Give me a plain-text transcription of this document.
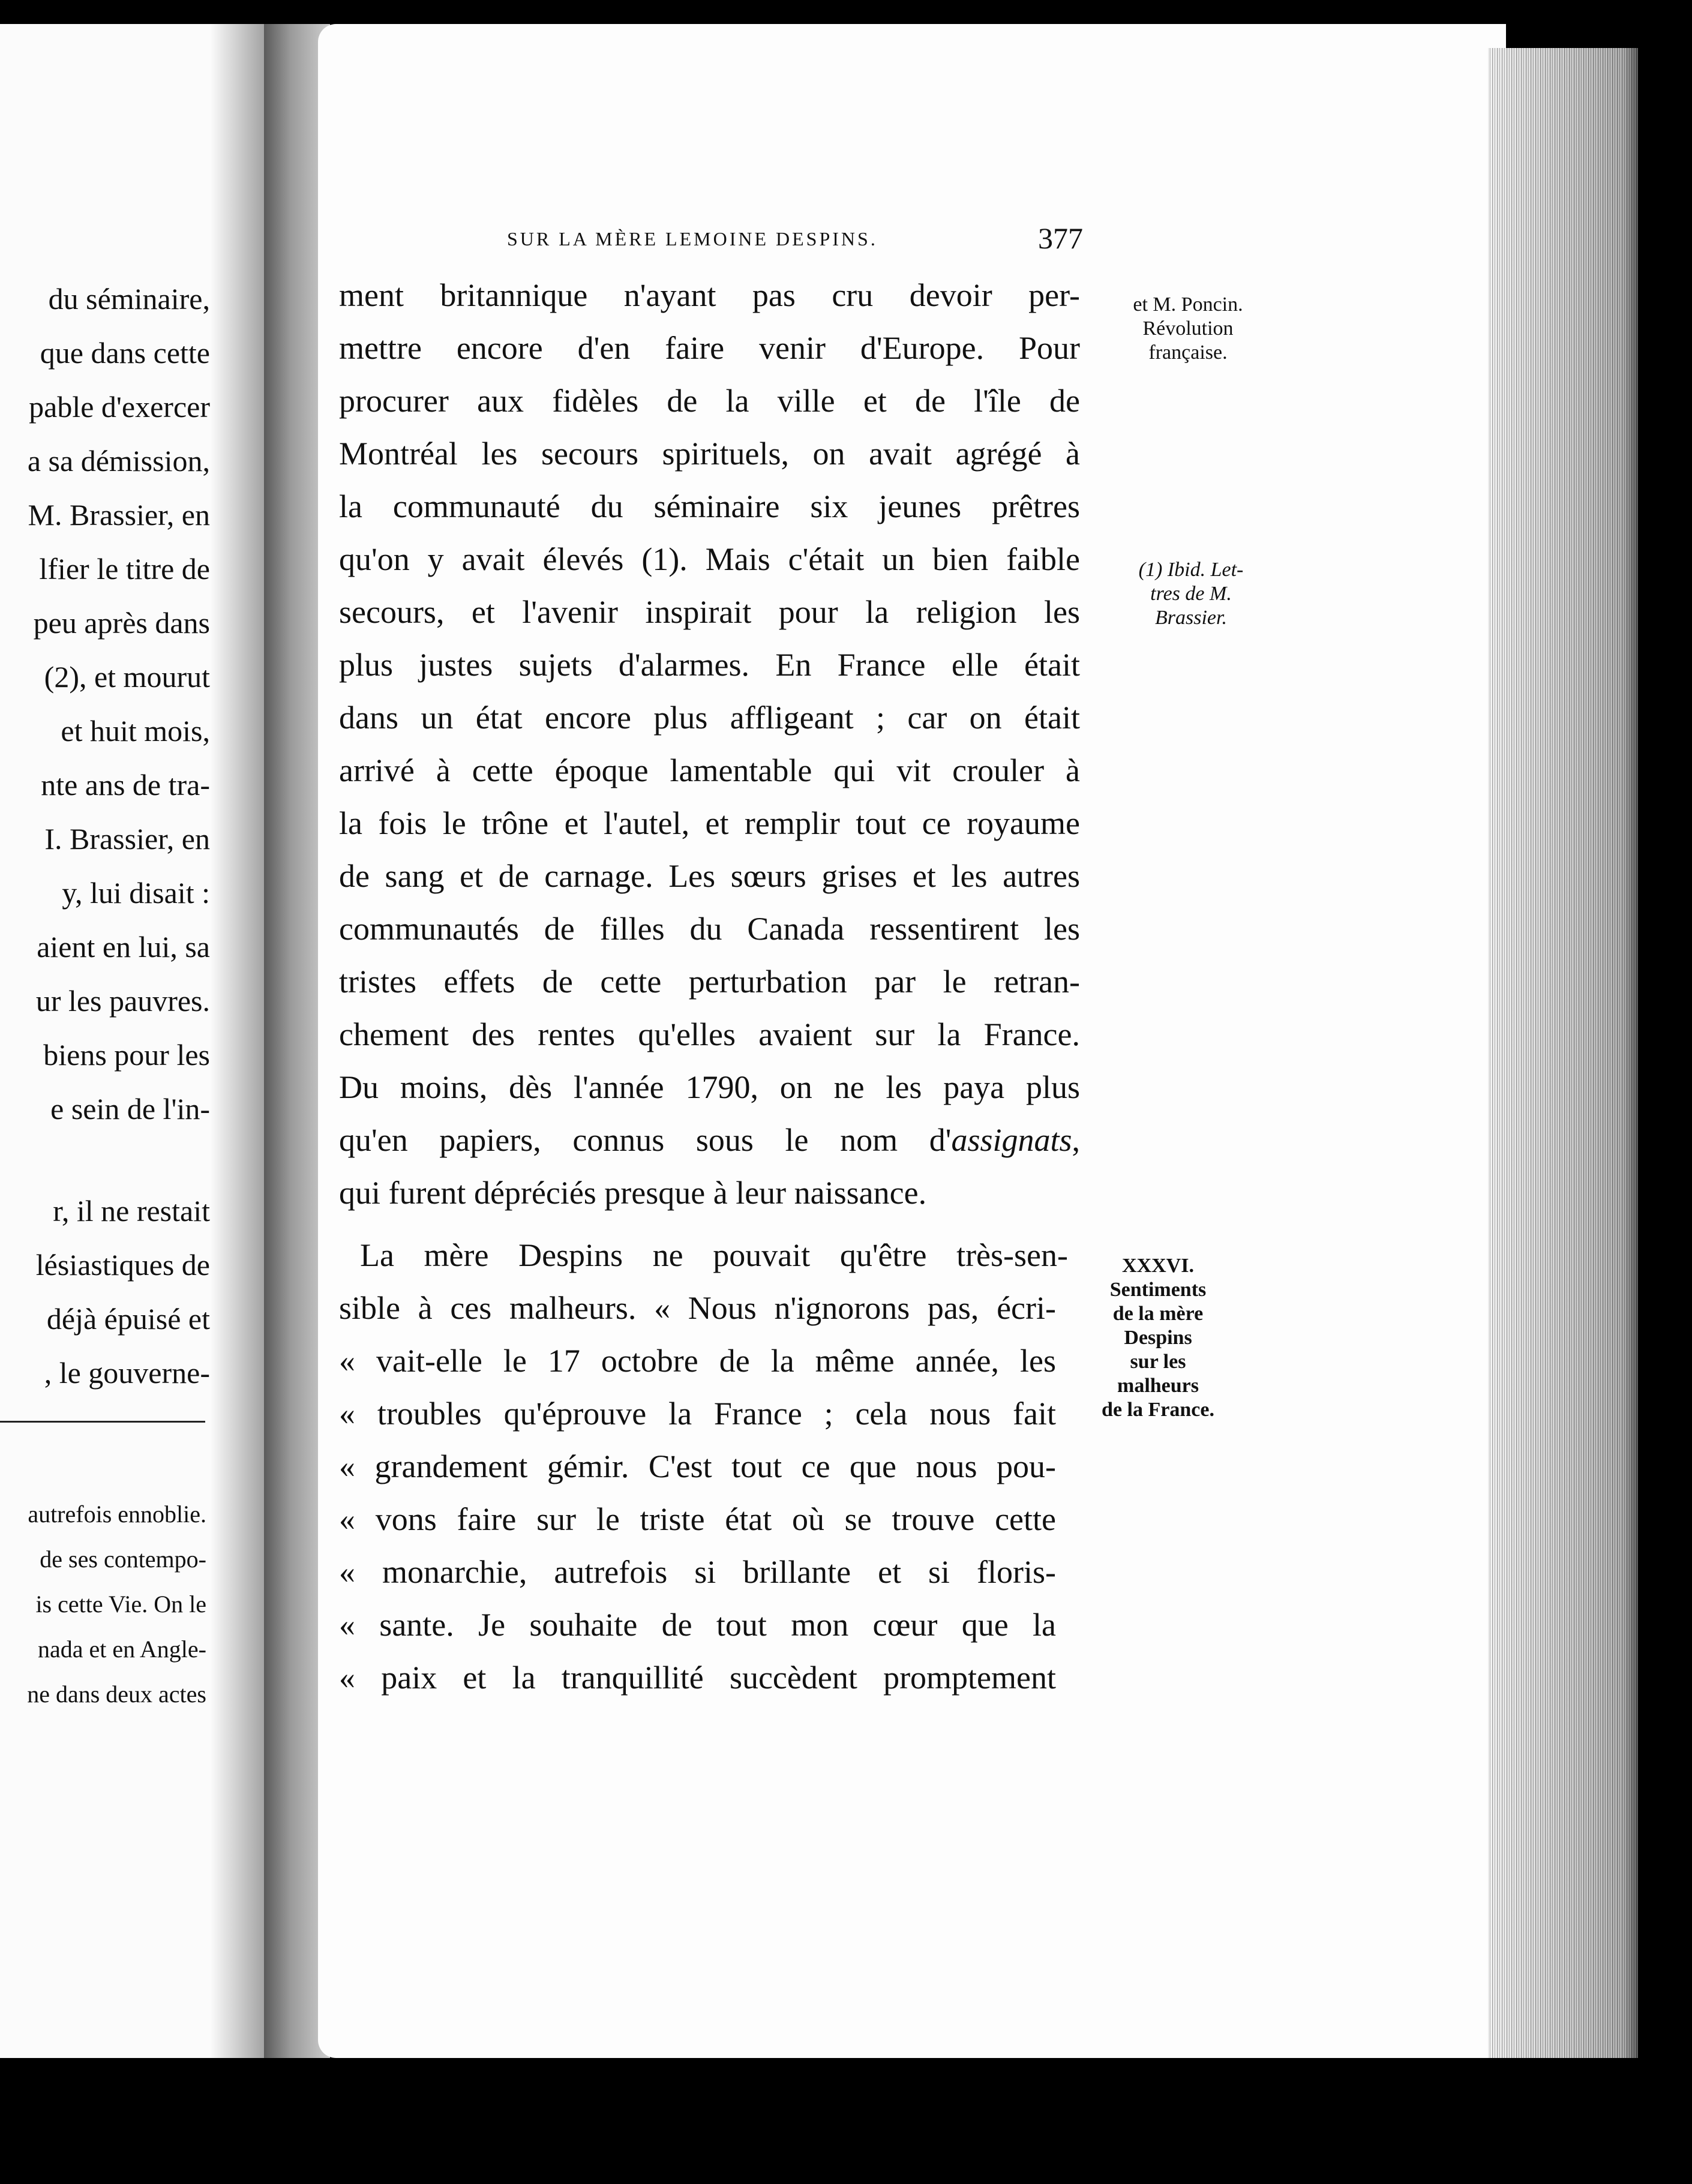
du séminaire,
que dans cette
pable d'exercer
a sa démission,
M. Brassier, en
lfier le titre de
peu après dans
(2), et mourut
et huit mois,
nte ans de tra-
I. Brassier, en
y, lui disait :
aient en lui, sa
ur les pauvres.
biens pour les
e sein de l'in-
r, il ne restait
lésiastiques de
déjà épuisé et
, le gouverne-
autrefois ennoblie.
de ses contempo-
is cette Vie. On le
nada et en Angle-
ne dans deux actes
SUR LA MÈRE LEMOINE DESPINS.	377
ment britannique n'ayant pas cru devoir per-
mettre encore d'en faire venir d'Europe. Pour
procurer aux fidèles de la ville et de l'île de
Montréal les secours spirituels, on avait agrégé à
la communauté du séminaire six jeunes prêtres
qu'on y avait élevés (1). Mais c'était un bien faible
secours, et l'avenir inspirait pour la religion les
plus justes sujets d'alarmes. En France elle était
dans un état encore plus affligeant ; car on était
arrivé à cette époque lamentable qui vit crouler à
la fois le trône et l'autel, et remplir tout ce royaume
de sang et de carnage. Les sœurs grises et les autres
communautés de filles du Canada ressentirent les
tristes effets de cette perturbation par le retran-
chement des rentes qu'elles avaient sur la France.
Du moins, dès l'année 1790, on ne les paya plus
qu'en papiers, connus sous le nom d'assignats,
qui furent dépréciés presque à leur naissance.
La mère Despins ne pouvait qu'être très-sen-
sible à ces malheurs. « Nous n'ignorons pas, écri-
« vait-elle le 17 octobre de la même année, les
« troubles qu'éprouve la France ; cela nous fait
« grandement gémir. C'est tout ce que nous pou-
« vons faire sur le triste état où se trouve cette
« monarchie, autrefois si brillante et si floris-
« sante. Je souhaite de tout mon cœur que la
« paix et la tranquillité succèdent promptement
et M. Poncin.
Révolution
française.
(1) Ibid. Let-
tres de M.
Brassier.
XXXVI.
Sentiments
de la mère
Despins
sur les
malheurs
de la France.
